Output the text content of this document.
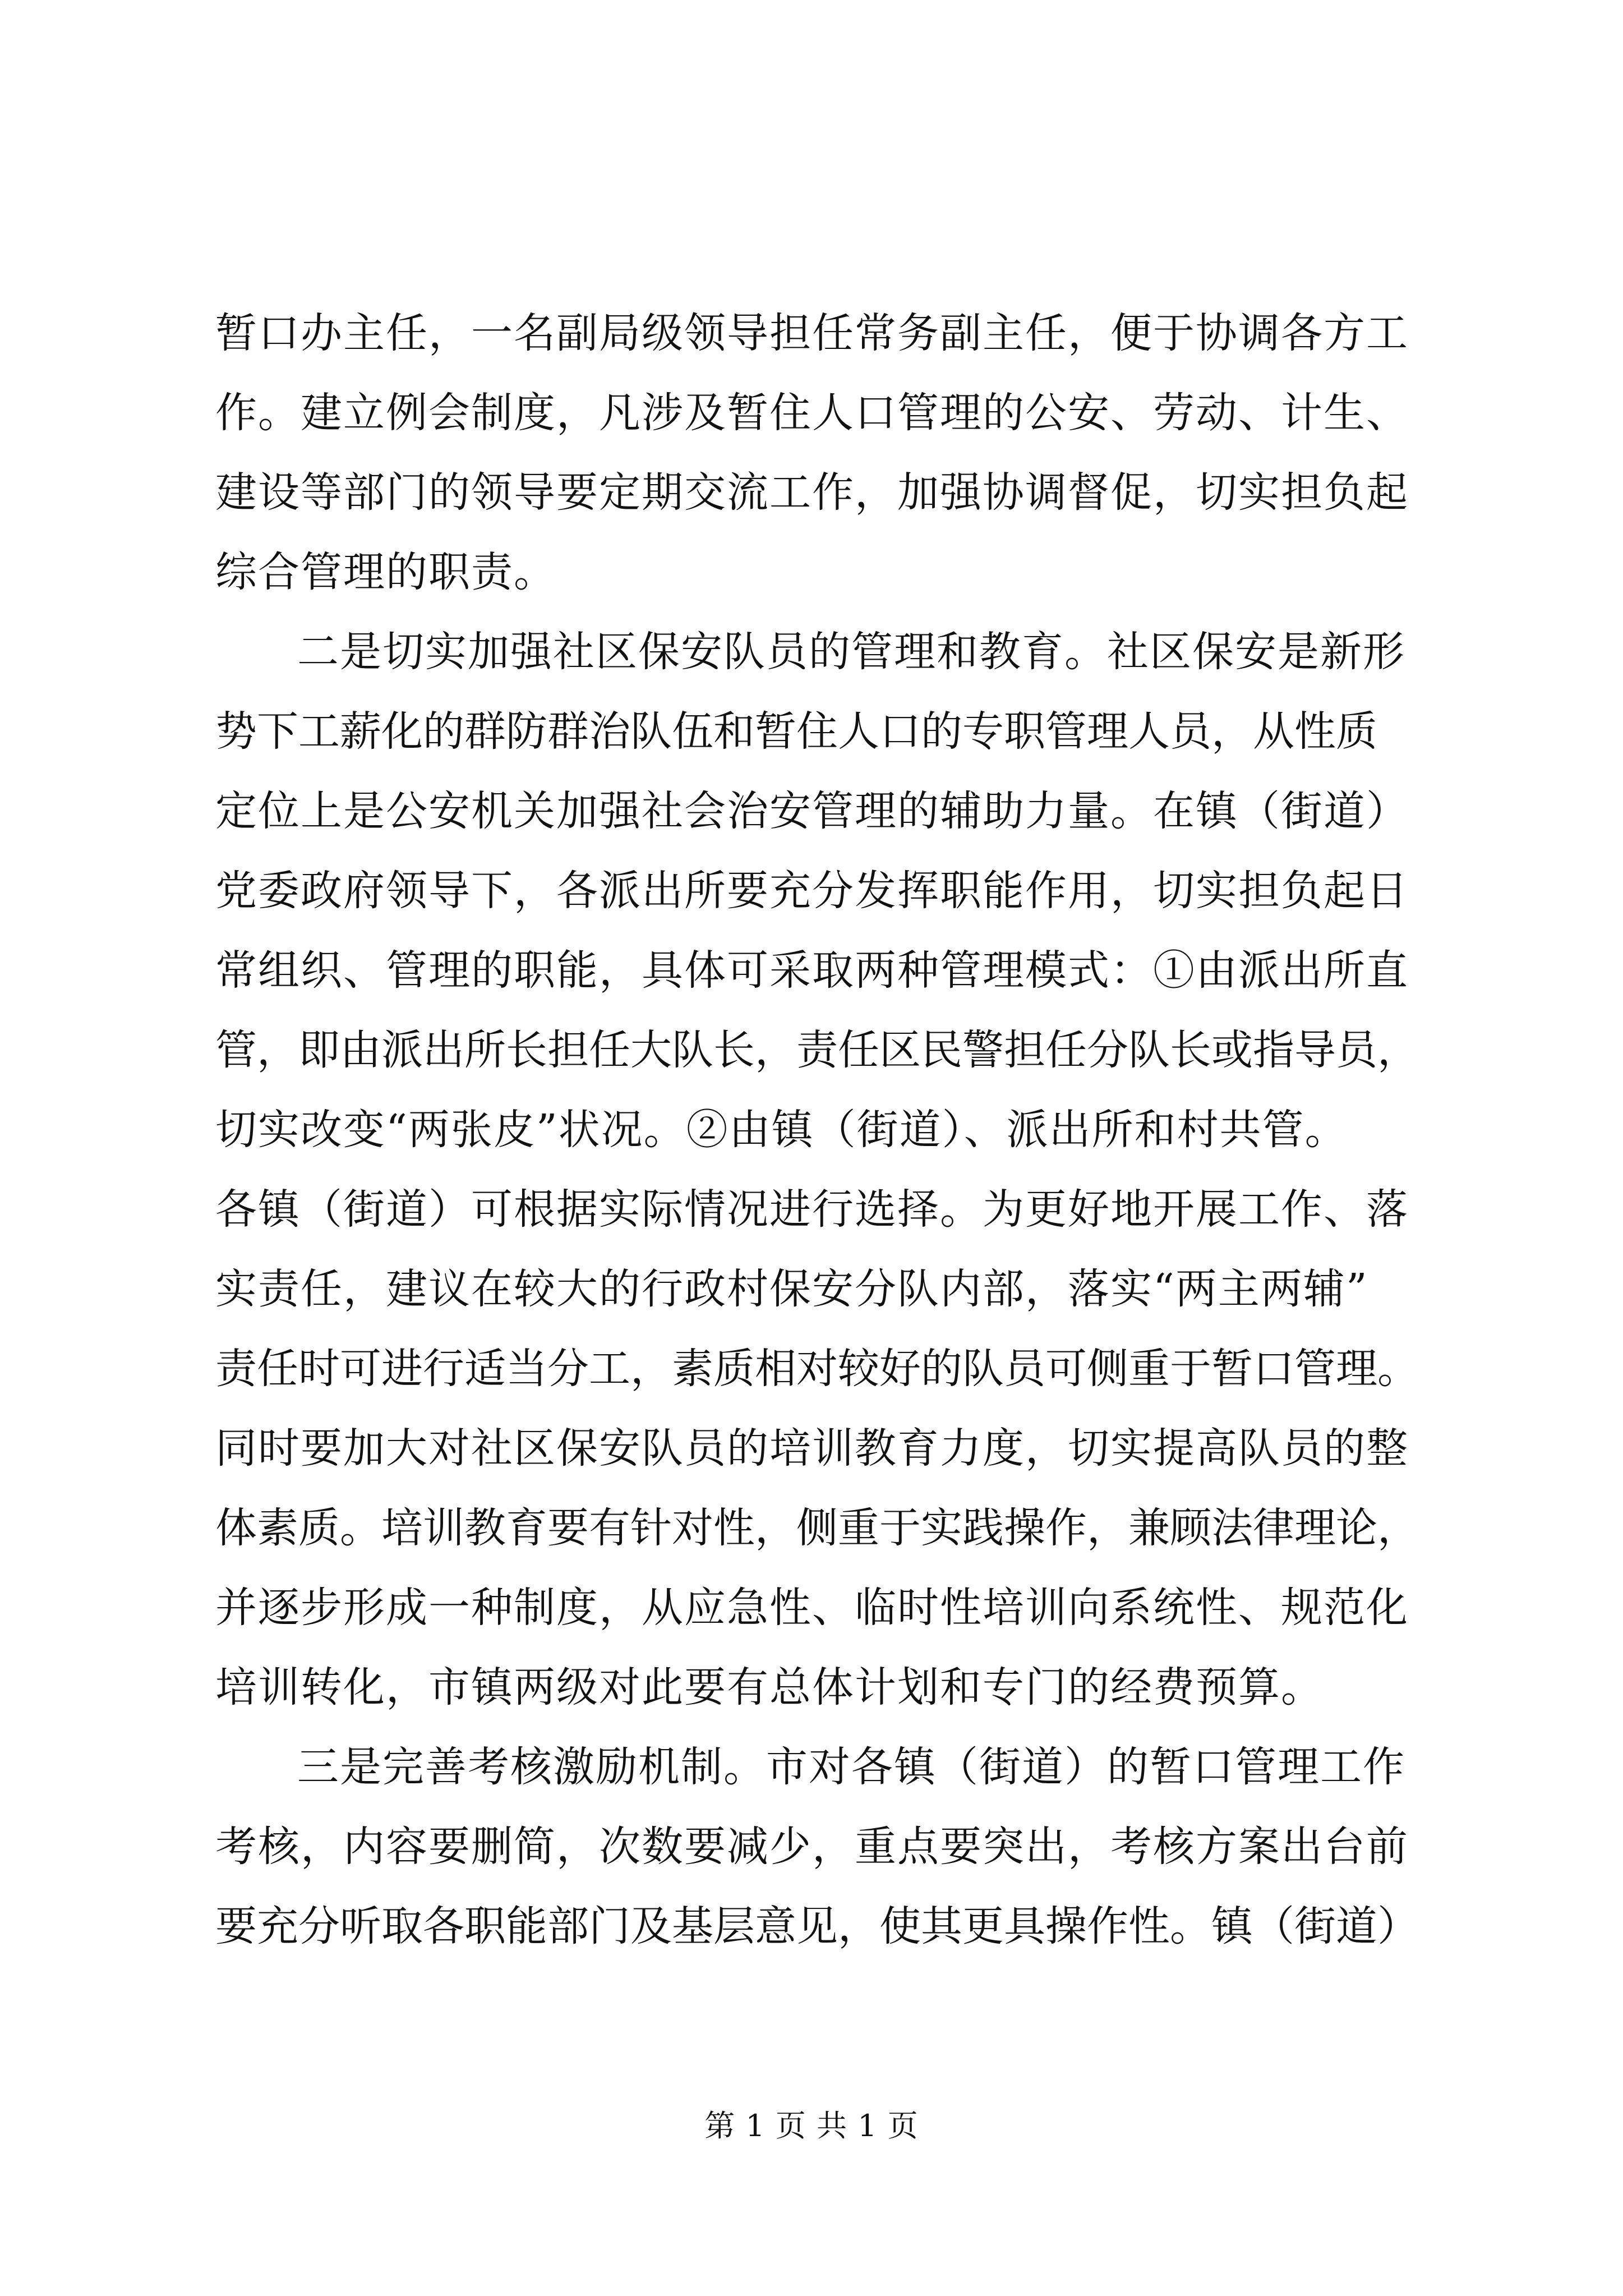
暂口办主任，一名副局级领导担任常务副主任，便于协调各方工
作。建立例会制度，凡涉及暂住人口管理的公安、劳动、计生、
建设等部门的领导要定期交流工作，加强协调督促，切实担负起
综合管理的职责。
二是切实加强社区保安队员的管理和教育。社区保安是新形
势下工薪化的群防群治队伍和暂住人口的专职管理人员，从性质
定位上是公安机关加强社会治安管理的辅助力量。在镇（街道）
党委政府领导下，各派出所要充分发挥职能作用，切实担负起日
常组织、管理的职能，具体可采取两种管理模式：①由派出所直
管，即由派出所长担任大队长，责任区民警担任分队长或指导员，
切实改变“两张皮”状况。②由镇（街道）、派出所和村共管。
各镇（街道）可根据实际情况进行选择。为更好地开展工作、落
实责任，建议在较大的行政村保安分队内部，落实“两主两辅”
责任时可进行适当分工，素质相对较好的队员可侧重于暂口管理。
同时要加大对社区保安队员的培训教育力度，切实提高队员的整
体素质。培训教育要有针对性，侧重于实践操作，兼顾法律理论，
并逐步形成一种制度，从应急性、临时性培训向系统性、规范化
培训转化，市镇两级对此要有总体计划和专门的经费预算。
三是完善考核激励机制。市对各镇（街道）的暂口管理工作
考核，内容要删简，次数要减少，重点要突出，考核方案出台前
要充分听取各职能部门及基层意见，使其更具操作性。镇（街道）
第 1 页 共 1 页
